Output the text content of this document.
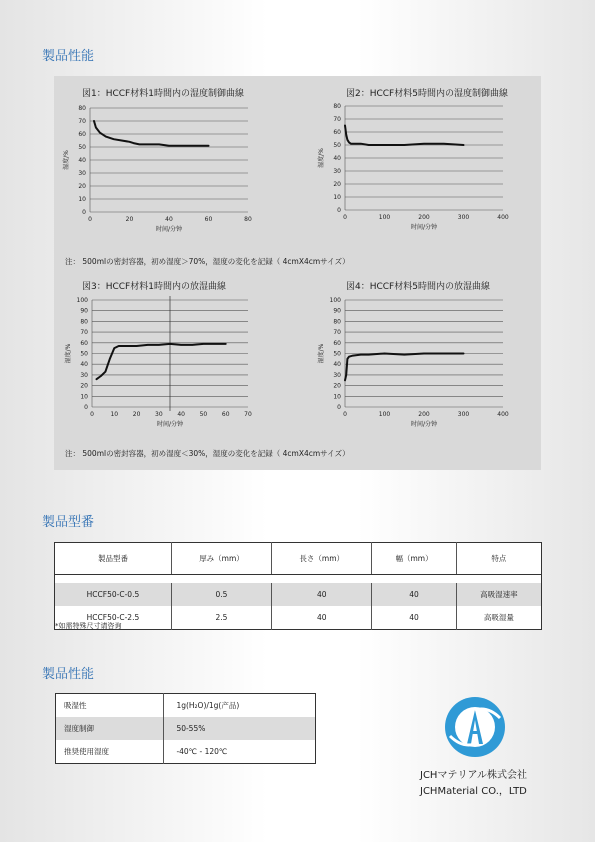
製品性能
図1：HCCF材料1時間内の湿度制御曲線	図2：HCCF材料5時間内の湿度制御曲線
0
10
20
30
40
50
60
70
80
0	20	40	60	80
时间/分钟
湿度/%
0
10
20
30
40
50
60
70
80
0	100	200	300	400
时间/分钟
湿度/%
注： 500mlの密封容器，初め湿度＞70%，湿度の変化を記録（ 4cmX4cmサイズ）
図3：HCCF材料1時間内の放湿曲線	図4：HCCF材料5時間内の放湿曲線
0
10
20
30
40
50
60
70
80
90
100
0	10 20 30 40 50 60 70
时间/分钟
湿度/%
0
10
20
30
40
50
60
70
80
90
100
0	100	200	300	400
时间/分钟
湿度/%
注： 500mlの密封容器，初め湿度＜30%，湿度の変化を記録（ 4cmX4cmサイズ）
製品型番
製品型番	厚み（mm）	長さ（mm）	幅（mm）	特点

HCCF50-C-0.5	0.5	40	40	高吸湿速率
HCCF50-C-2.5	2.5	40	40	高吸湿量
*如需特殊尺寸请咨询
製品性能
吸湿性	1g(H₂O)/1g(产品)
湿度制御	50-55%
推奨使用湿度	-40℃ - 120℃
JCHマテリアル株式会社
JCHMaterial CO.，LTD
